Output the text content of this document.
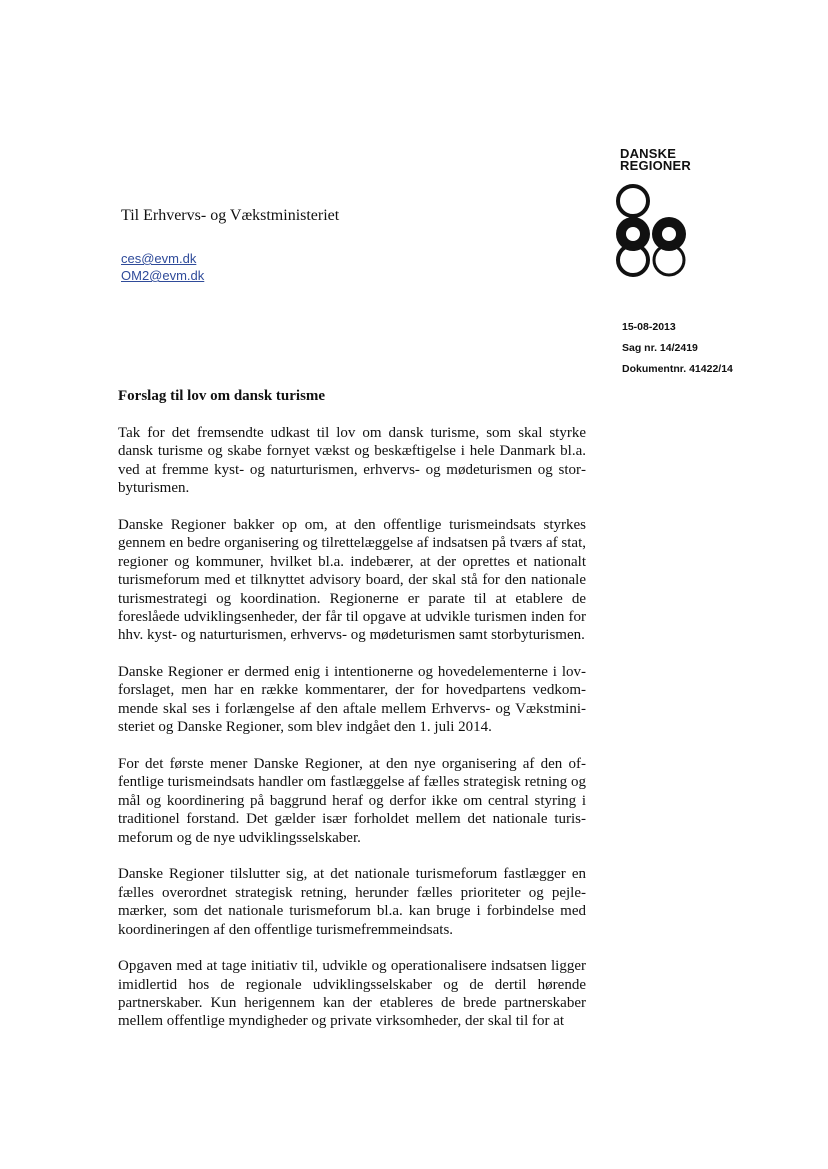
DANSKE
REGIONER
Til Erhvervs- og Vækstministeriet
ces@evm.dk
OM2@evm.dk
15-08-2013
Sag nr. 14/2419
Dokumentnr. 41422/14
Forslag til lov om dansk turisme

Tak for det fremsendte udkast til lov om dansk turisme, som skal styrke dansk turisme og skabe fornyet vækst og beskæftigelse i hele Danmark bl.a. ved at fremme kyst- og naturturismen, erhvervs- og mødeturismen og storbyturismen.

Danske Regioner bakker op om, at den offentlige turismeindsats styrkes gennem en bedre organisering og tilrettelæggelse af indsatsen på tværs af stat, regioner og kommuner, hvilket bl.a. indebærer, at der oprettes et nationalt turismeforum med et tilknyttet advisory board, der skal stå for den nationale turismestrategi og koordination. Regionerne er parate til at etablere de foreslåede udviklingsenheder, der får til opgave at udvikle turismen inden for hhv. kyst- og naturturismen, erhvervs- og mødeturismen samt storbyturismen.

Danske Regioner er dermed enig i intentionerne og hovedelementerne i lovforslaget, men har en række kommentarer, der for hovedpartens vedkommende skal ses i forlængelse af den aftale mellem Erhvervs- og Vækstministeriet og Danske Regioner, som blev indgået den 1. juli 2014.

For det første mener Danske Regioner, at den nye organisering af den offentlige turismeindsats handler om fastlæggelse af fælles strategisk retning og mål og koordinering på baggrund heraf og derfor ikke om central styring i traditionel forstand. Det gælder især forholdet mellem det nationale turismeforum og de nye udviklingsselskaber.

Danske Regioner tilslutter sig, at det nationale turismeforum fastlægger en fælles overordnet strategisk retning, herunder fælles prioriteter og pejlemærker, som det nationale turismeforum bl.a. kan bruge i forbindelse med koordineringen af den offentlige turismefremmeindsats.

Opgaven med at tage initiativ til, udvikle og operationalisere indsatsen ligger imidlertid hos de regionale udviklingsselskaber og de dertil hørende partnerskaber. Kun herigennem kan der etableres de brede partnerskaber mellem offentlige myndigheder og private virksomheder, der skal til for at
